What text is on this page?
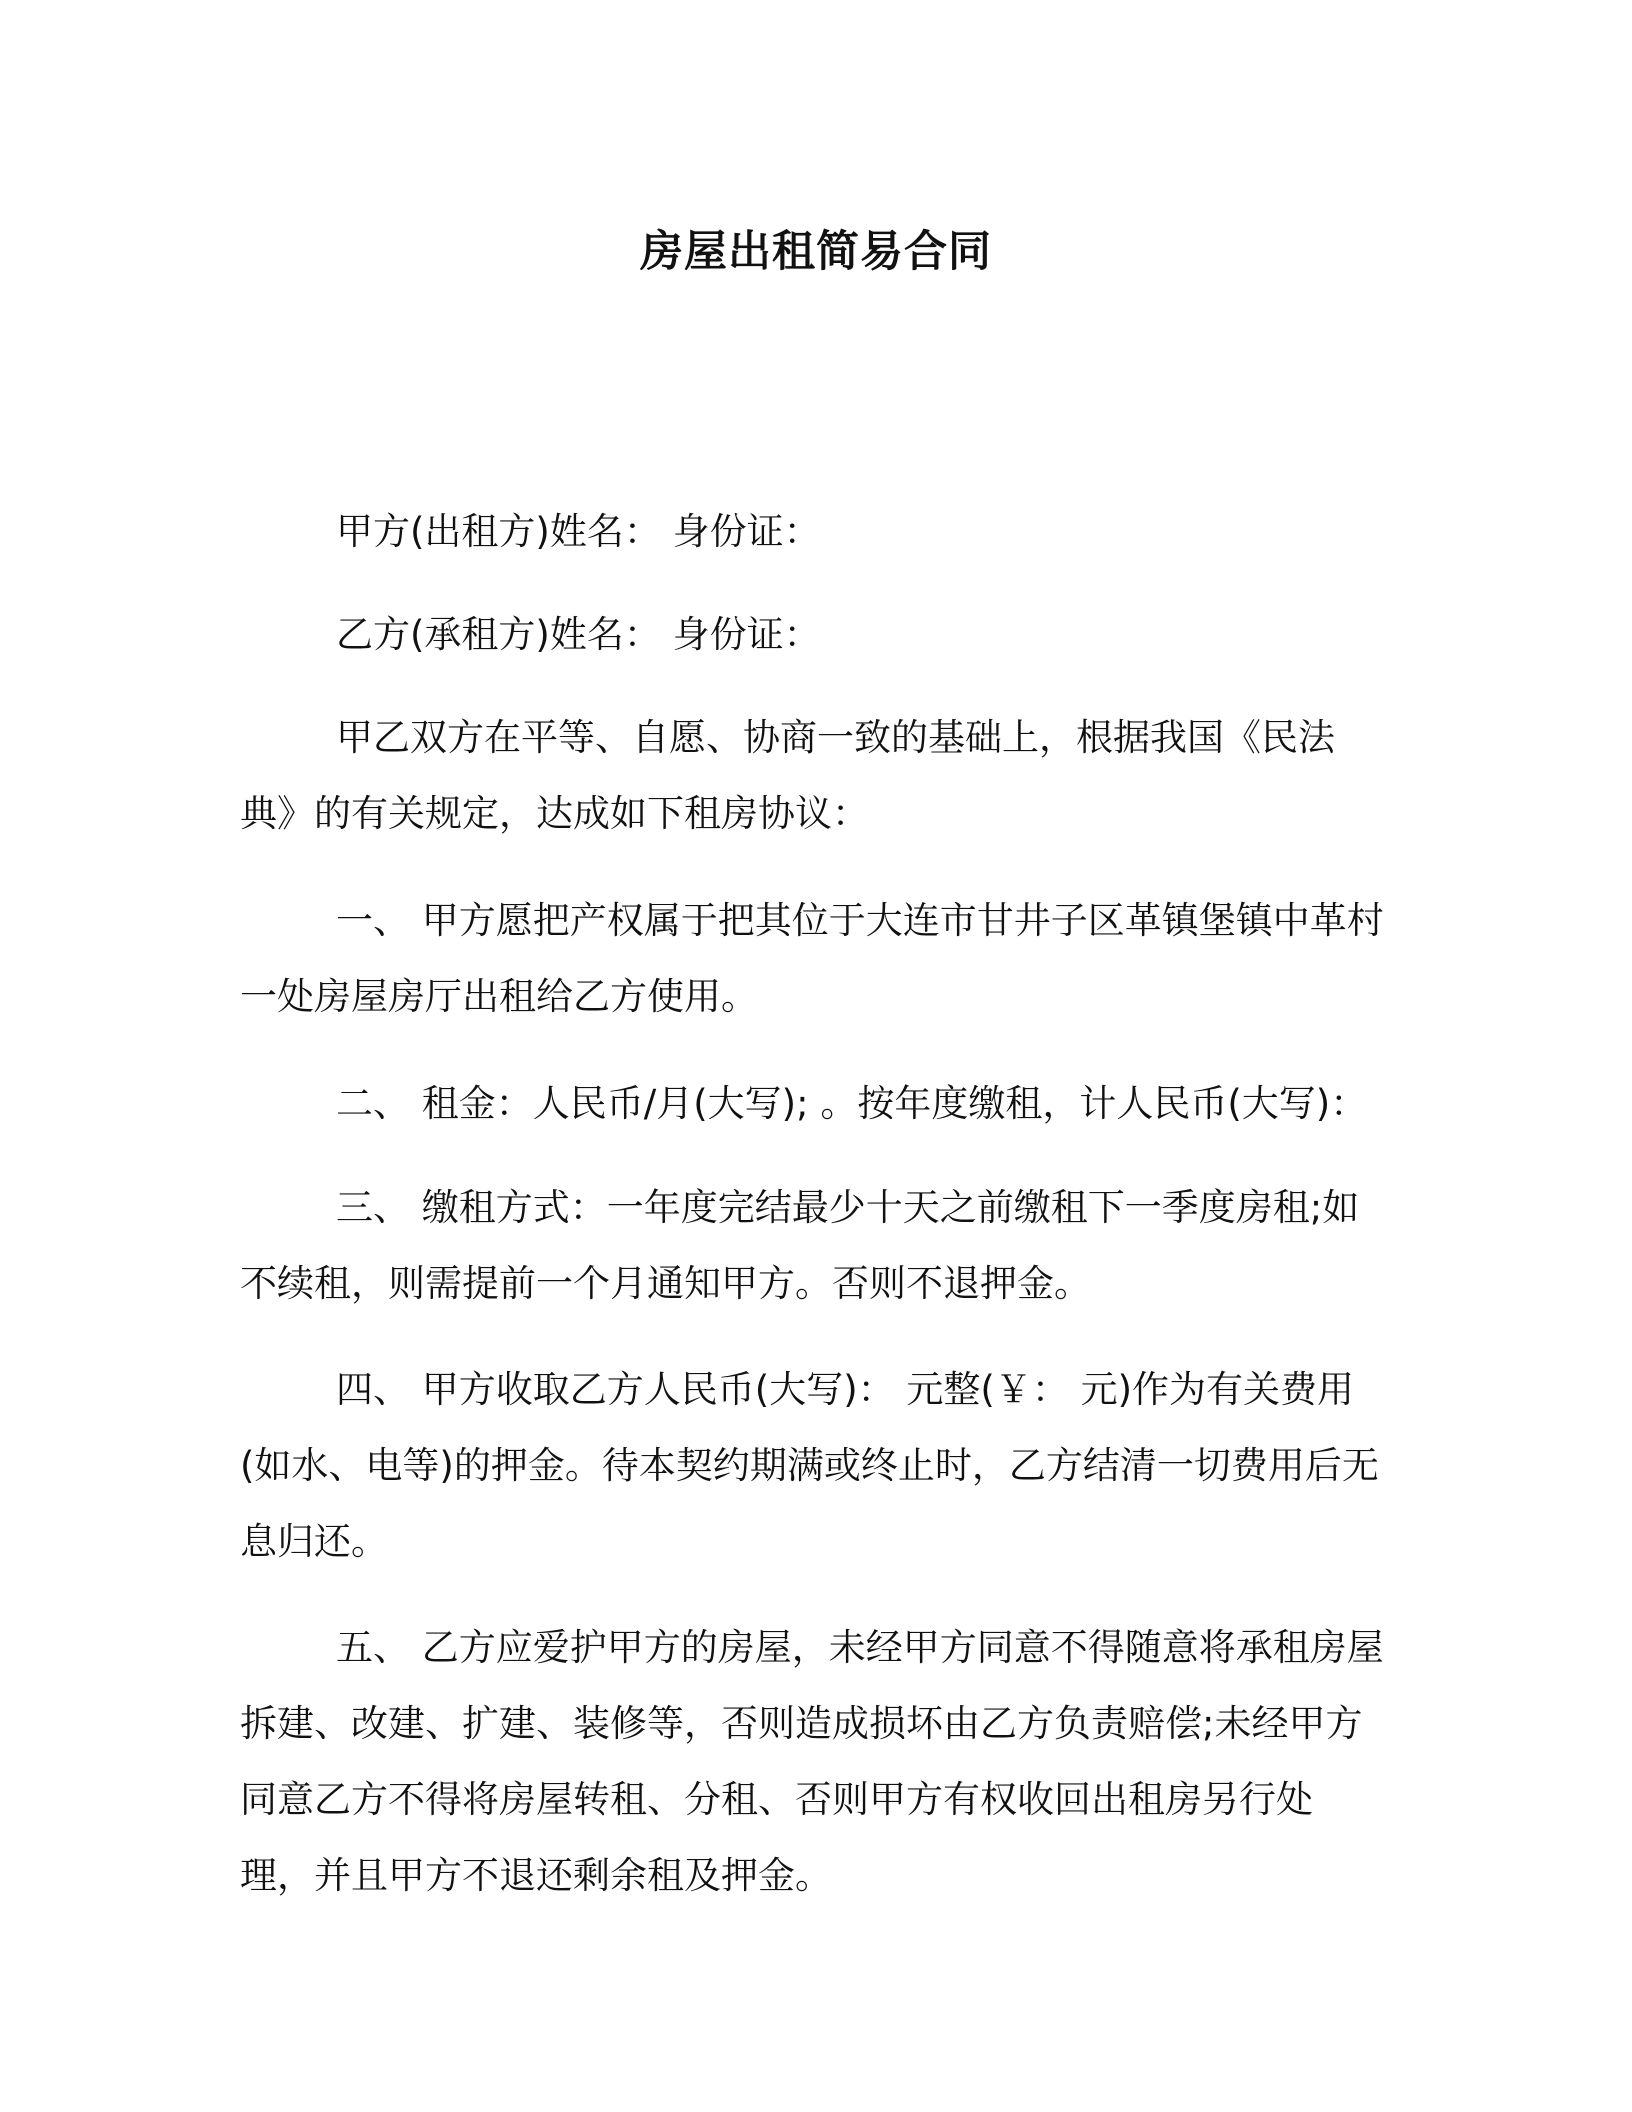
房屋出租简易合同
甲方(出租方)姓名： 身份证：
乙方(承租方)姓名： 身份证：
甲乙双方在平等、自愿、协商一致的基础上，根据我国《民法
典》的有关规定，达成如下租房协议：
一、 甲方愿把产权属于把其位于大连市甘井子区革镇堡镇中革村
一处房屋房厅出租给乙方使用。
二、 租金：人民币/月(大写); 。按年度缴租，计人民币(大写)：
三、 缴租方式：一年度完结最少十天之前缴租下一季度房租;如
不续租，则需提前一个月通知甲方。否则不退押金。
四、 甲方收取乙方人民币(大写)： 元整(￥： 元)作为有关费用
(如水、电等)的押金。待本契约期满或终止时，乙方结清一切费用后无
息归还。
五、 乙方应爱护甲方的房屋，未经甲方同意不得随意将承租房屋
拆建、改建、扩建、装修等，否则造成损坏由乙方负责赔偿;未经甲方
同意乙方不得将房屋转租、分租、否则甲方有权收回出租房另行处
理，并且甲方不退还剩余租及押金。
